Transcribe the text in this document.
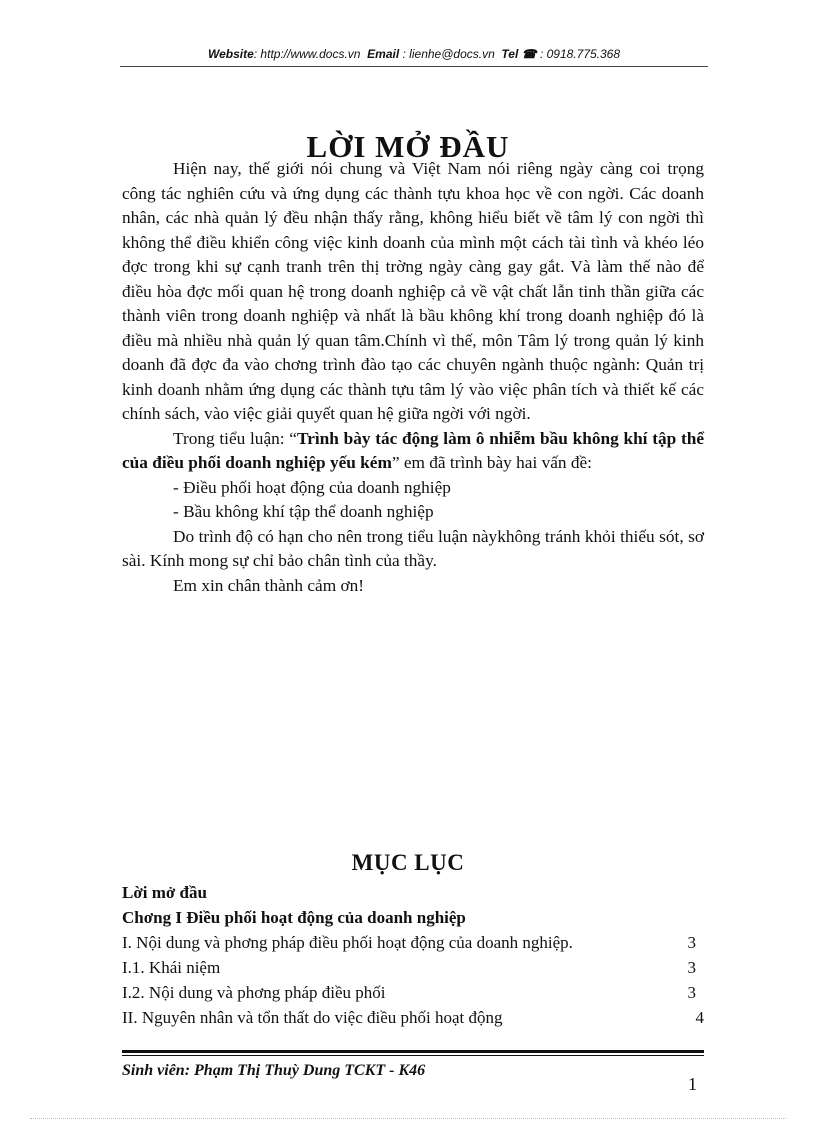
Website: http://www.docs.vn Email : lienhe@docs.vn Tel ☎ : 0918.775.368
LỜI MỞ ĐẦU

Hiện nay, thế giới nói chung và Việt Nam nói riêng ngày càng coi trọng công tác nghiên cứu và ứng dụng các thành tựu khoa học về con ngời. Các doanh nhân, các nhà quản lý đều nhận thấy rằng, không hiểu biết về tâm lý con ngời thì không thể điều khiển công việc kinh doanh của mình một cách tài tình và khéo léo đợc trong khi sự cạnh tranh trên thị trờng ngày càng gay gắt. Và làm thế nào để điều hòa đợc mối quan hệ trong doanh nghiệp cả về vật chất lẫn tinh thần giữa các thành viên trong doanh nghiệp và nhất là bầu không khí trong doanh nghiệp đó là điều mà nhiều nhà quản lý quan tâm.Chính vì thế, môn Tâm lý trong quản lý kinh doanh đã đợc đa vào chơng trình đào tạo các chuyên ngành thuộc ngành: Quản trị kinh doanh nhằm ứng dụng các thành tựu tâm lý vào việc phân tích và thiết kế các chính sách, vào việc giải quyết quan hệ giữa ngời với ngời.

Trong tiểu luận: “Trình bày tác động làm ô nhiễm bầu không khí tập thể của điều phối doanh nghiệp yếu kém” em đã trình bày hai vấn đề:

- Điều phối hoạt động của doanh nghiệp

- Bầu không khí tập thể doanh nghiệp

Do trình độ có hạn cho nên trong tiểu luận nàykhông tránh khỏi thiếu sót, sơ sài. Kính mong sự chỉ bảo chân tình của thầy.

Em xin chân thành cảm ơn!

MỤC LỤC
Lời mở đầu
Chơng I Điều phối hoạt động của doanh nghiệp
I. Nội dung và phơng pháp điều phối hoạt động của doanh nghiệp.	3
I.1. Khái niệm	3
I.2. Nội dung và phơng pháp điều phối	3
II. Nguyên nhân và tổn thất do việc điều phối hoạt động	4
Sinh viên: Phạm Thị Thuỳ Dung TCKT - K46
1
